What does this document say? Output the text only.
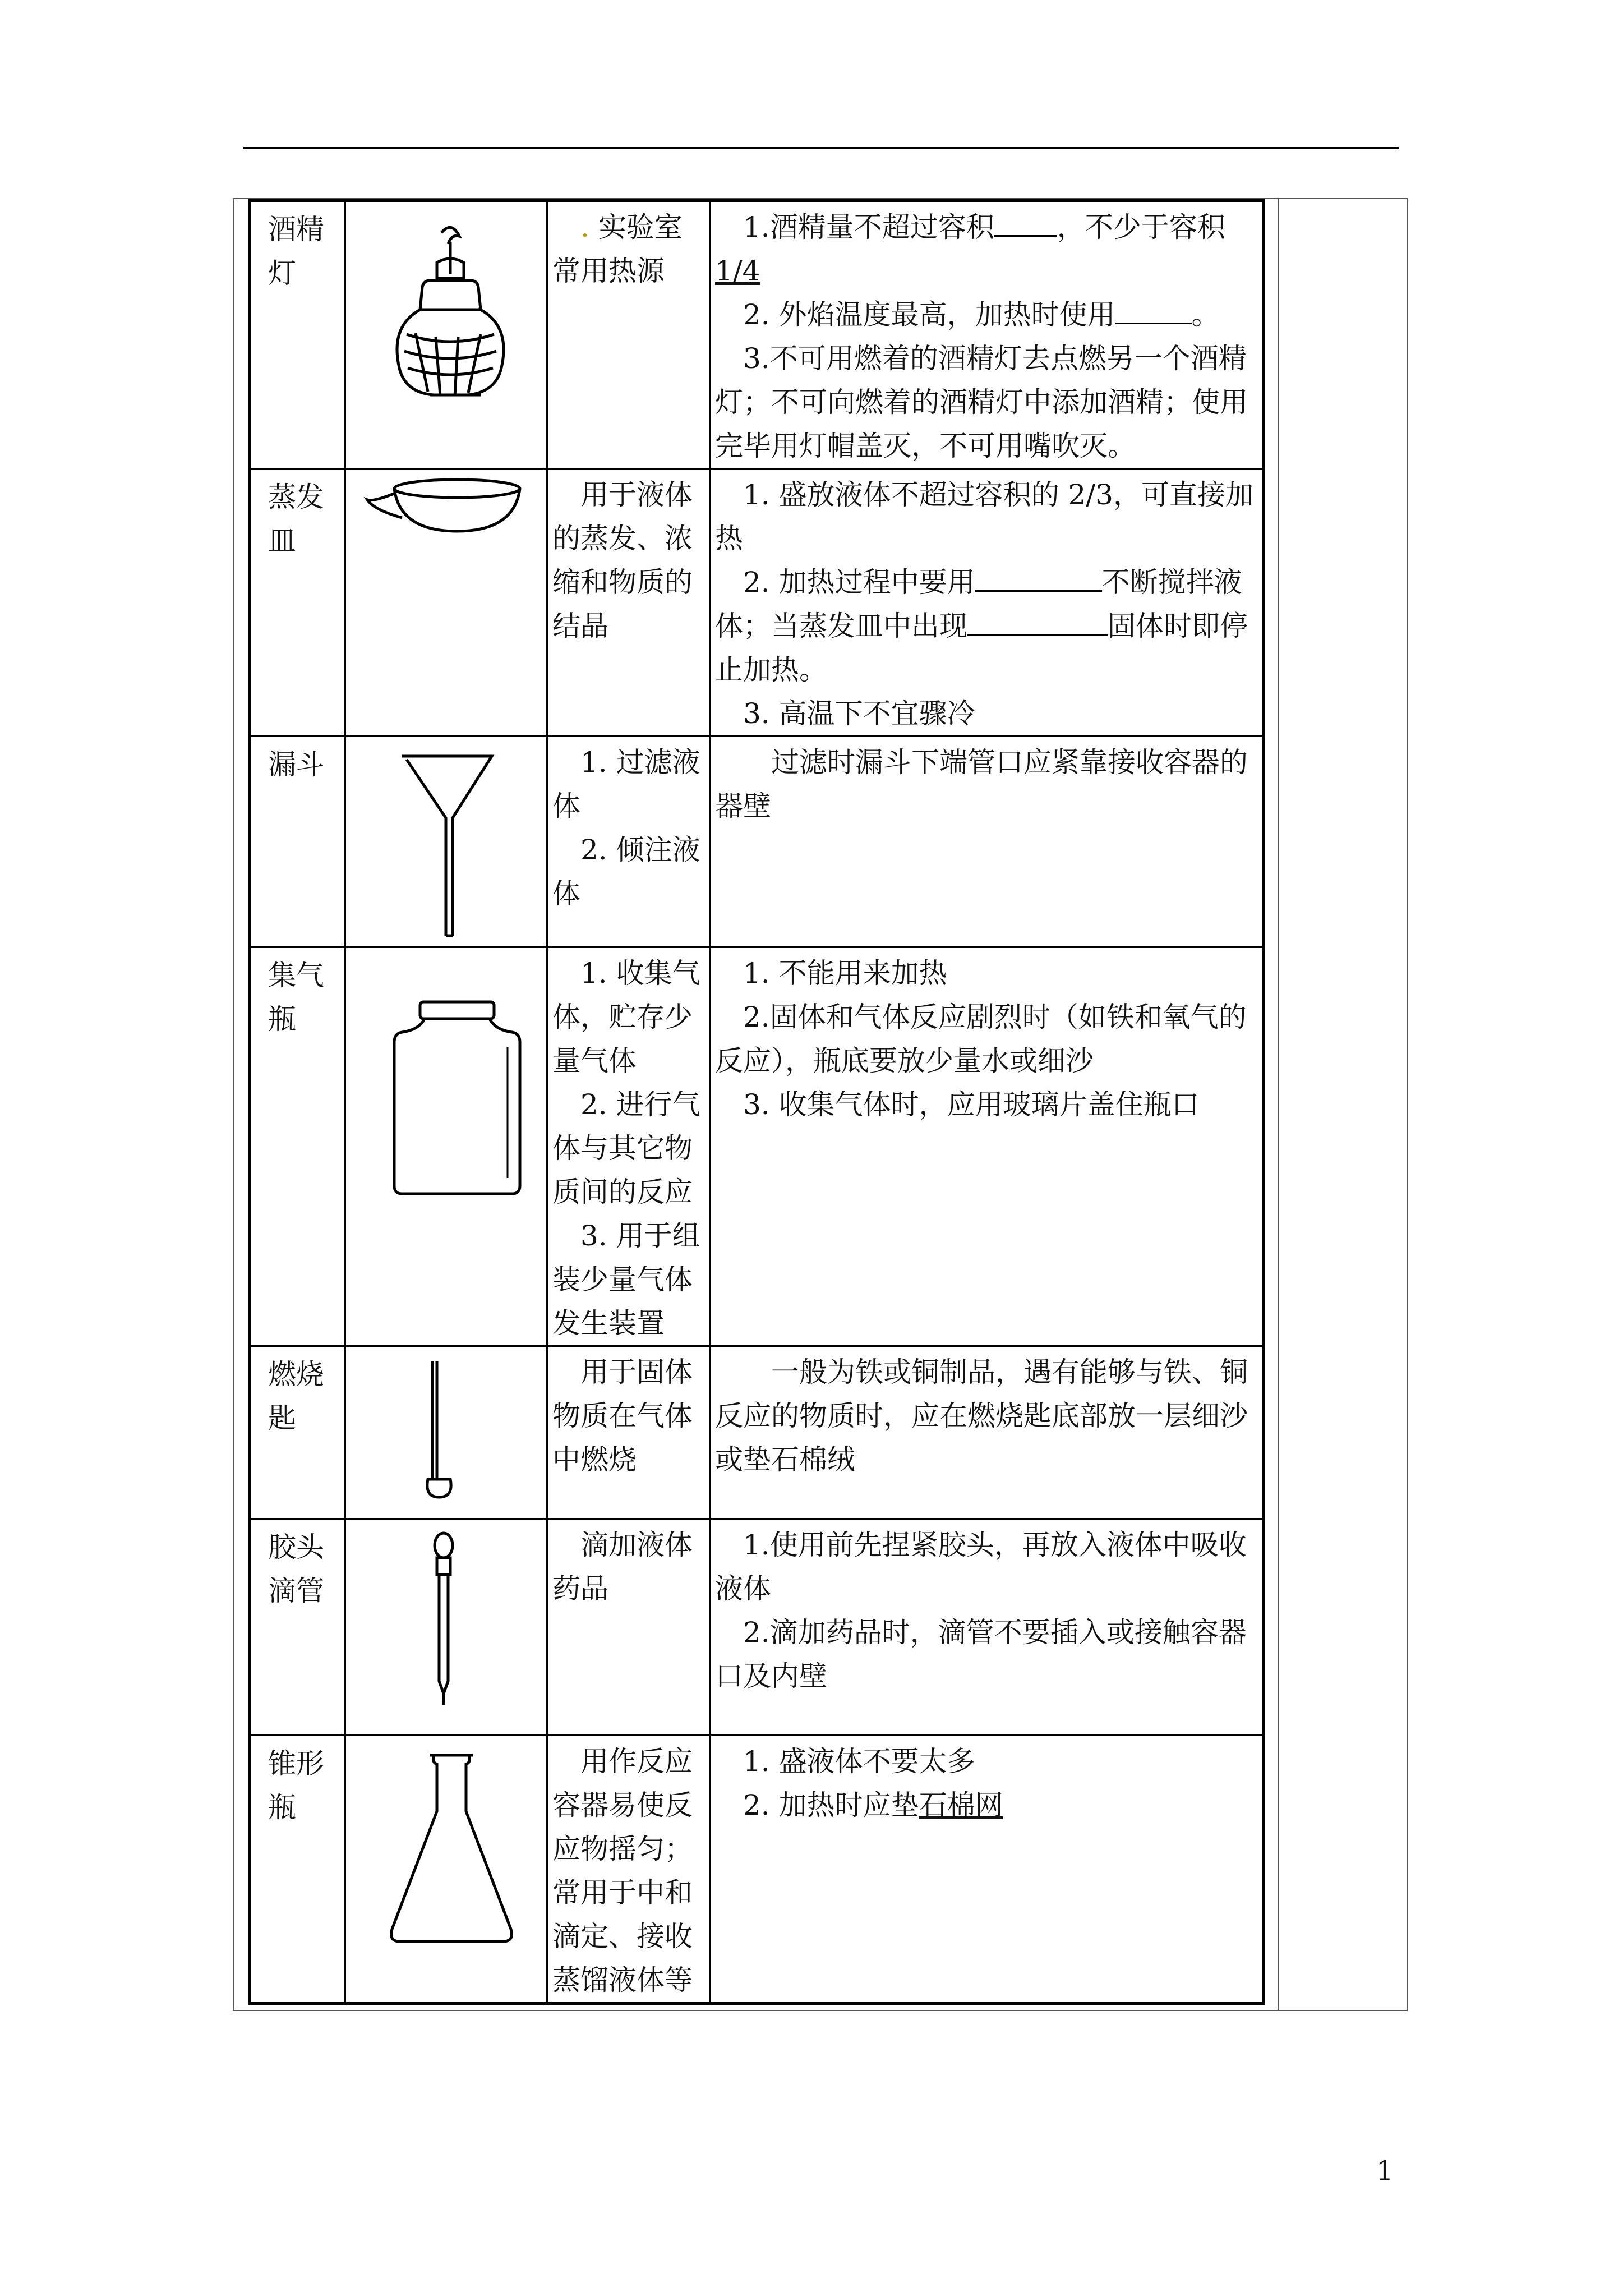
酒精灯		. 实验室常用热源	1.酒精量不超过容积 ，不少于容积
1/4
2. 外焰温度最高，加热时使用 。
3.不可用燃着的酒精灯去点燃另一个酒精灯；不可向燃着的酒精灯中添加酒精；使用完毕用灯帽盖灭，不可用嘴吹灭。

蒸发皿		用于液体的蒸发、浓缩和物质的结晶	1. 盛放液体不超过容积的 2/3，可直接加热
2. 加热过程中要用 不断搅拌液体；当蒸发皿中出现 固体时即停止加热。
3. 高温下不宜骤冷

漏斗		1. 过滤液体
2. 倾注液体	过滤时漏斗下端管口应紧靠接收容器的器壁

集气瓶		1. 收集气体，贮存少量气体
2. 进行气体与其它物质间的反应
3. 用于组装少量气体发生装置	1. 不能用来加热
2.固体和气体反应剧烈时（如铁和氧气的反应），瓶底要放少量水或细沙
3. 收集气体时，应用玻璃片盖住瓶口

燃烧匙		用于固体物质在气体中燃烧	一般为铁或铜制品，遇有能够与铁、铜反应的物质时，应在燃烧匙底部放一层细沙或垫石棉绒

胶头滴管		滴加液体药品	1.使用前先捏紧胶头，再放入液体中吸收液体
2.滴加药品时，滴管不要插入或接触容器口及内壁

锥形瓶		用作反应容器易使反应物摇匀；常用于中和滴定、接收蒸馏液体等	1. 盛液体不要太多
2. 加热时应垫石棉网
1
